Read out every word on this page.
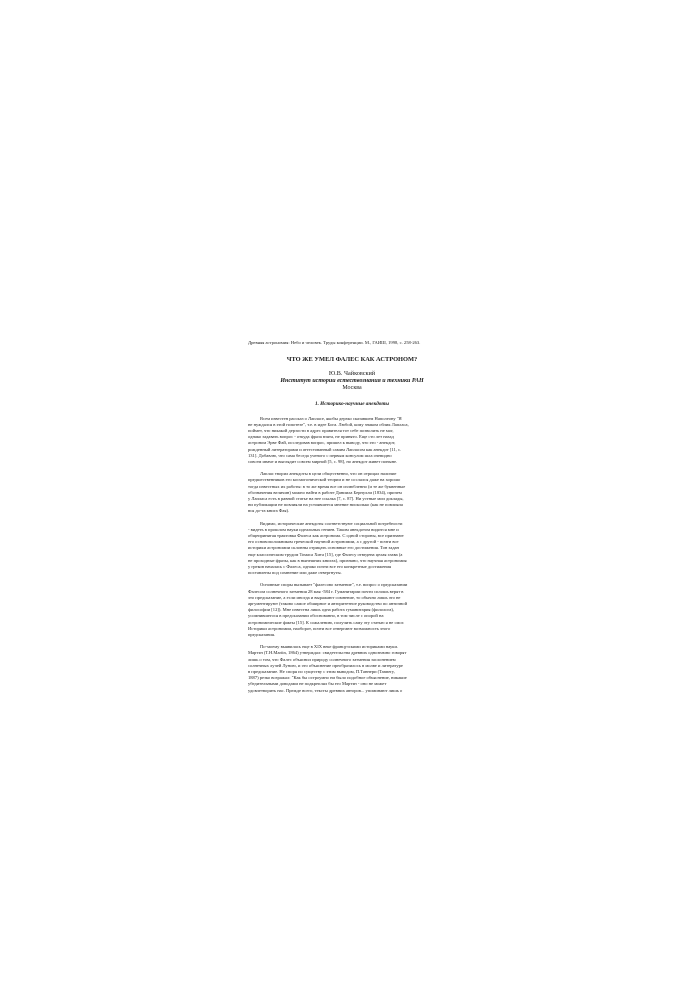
Древняя астрономия: Небо и человек. Труды конференции. М., ГАИШ, 1998, с. 258-263.
ЧТО ЖЕ УМЕЛ ФАЛЕС КАК АСТРОНОМ?
Ю.В. Чайковский
Институт истории естествознания и техники РАН
Москва
1. Историко-научные анекдоты
Всем известен рассказ о Лапласе, якобы дерзко сказавшем Наполеону "Я
не нуждался в этой гипотезе", т.е. в идее Бога. Любой, кому знаком облик Лапласа,
поймет, что никакой дерзости в адрес правителя тот себе позволить не мог,
однако задавать вопрос - откуда фраза взята, не принято. Еще сто лет назад
астроном Эрве Фай, исследовав вопрос, пришел к выводу, что это - анекдот,
рожденный литераторами и аттестованный самим Лапласом как анекдот [11, с.
131]. Добавлю, что сама беседа ученого с первым консулом шла очевидно
совсем иначе и выглядит совсем мирной [5, с. 98], но анекдот живет поныне.
Лаплас творил анекдоты в цели общественно, что он отрицал наличие
предшественников его космогонической теории и не сослался даже на хорошо
тогда известных их работы: в то же время все он излюбленно (и те же буквенные
обозначения величин) можно найти в работе Даниила Бернулли (1834), причем
у Лапласа есть в равной статье на нее ссылка [7, с. 87]. Ни устные мои доклады,
ни публикации не повлияли на устоявшееся мнение нисколько (как не повлияла
вся до-та книга Фая).
Видимо, исторические анекдоты соответствуют социальной потребности
- видеть в прошлом науки идеальных гениев. Таким анекдотом видится мне и
общепринятая трактовка Фалеса как астронома. С одной стороны, все признают
его основоположником греческой научной астрономии, а с другой - почти все
историки астрономии склонны отрицать основные его достижения. Тон задан
еще классическим трудом Томаса Хита [15], где Фалесу отведена целая глава (а
не проходные фразы, как в нынешних книгах), признано, что научная астрономия
у греков началась с Фалеса, однако почти все его конкретные достижения
поставлены под сомнение или даже отвергнуты.
Основные споры вызывает "фалесово затмение", т.е. вопрос о предсказании
Фалесом солнечного затмения 28 мая -584 г. Гуманитарии почти сплошь верят в
это предсказание, а если иногда и выражают сомнение, то обычно лишь это не
аргументируют (таково самое обширное и авторитетное руководство по античной
философии [12]). Мне известна лишь одна работа гуманитария (филолога),
усомнившегося в предсказании обоснованно, в том числе с опорой на
астрономические факты [15]. К сожалению, получить саму эту статью я не смог.
Историки астрономии, наоборот, почти все отвергают возможность этого
предсказания.
По-моему выявилась еще в XIX веке французскими историками науки.
Мартэн (T.H.Martin, 1864) утверждал: свидетельства древних однозначно говорят
лишь о том, что Фалес объяснил природу солнечного затмения заслонением
солнечных лучей Луною, и это объяснение преобразилось в молве и литературе
в предсказание. Не споря по существу с этим выводом, П.Таннери (Tannery,
1887) резко возражал: "Как бы остроумно ни было подобное объяснение, никакие
убедительными доводами не подкреплял бы его Мартэн - оно не может
удовлетворить нас. Прежде всего, тексты древних авторов... упоминают лишь о
